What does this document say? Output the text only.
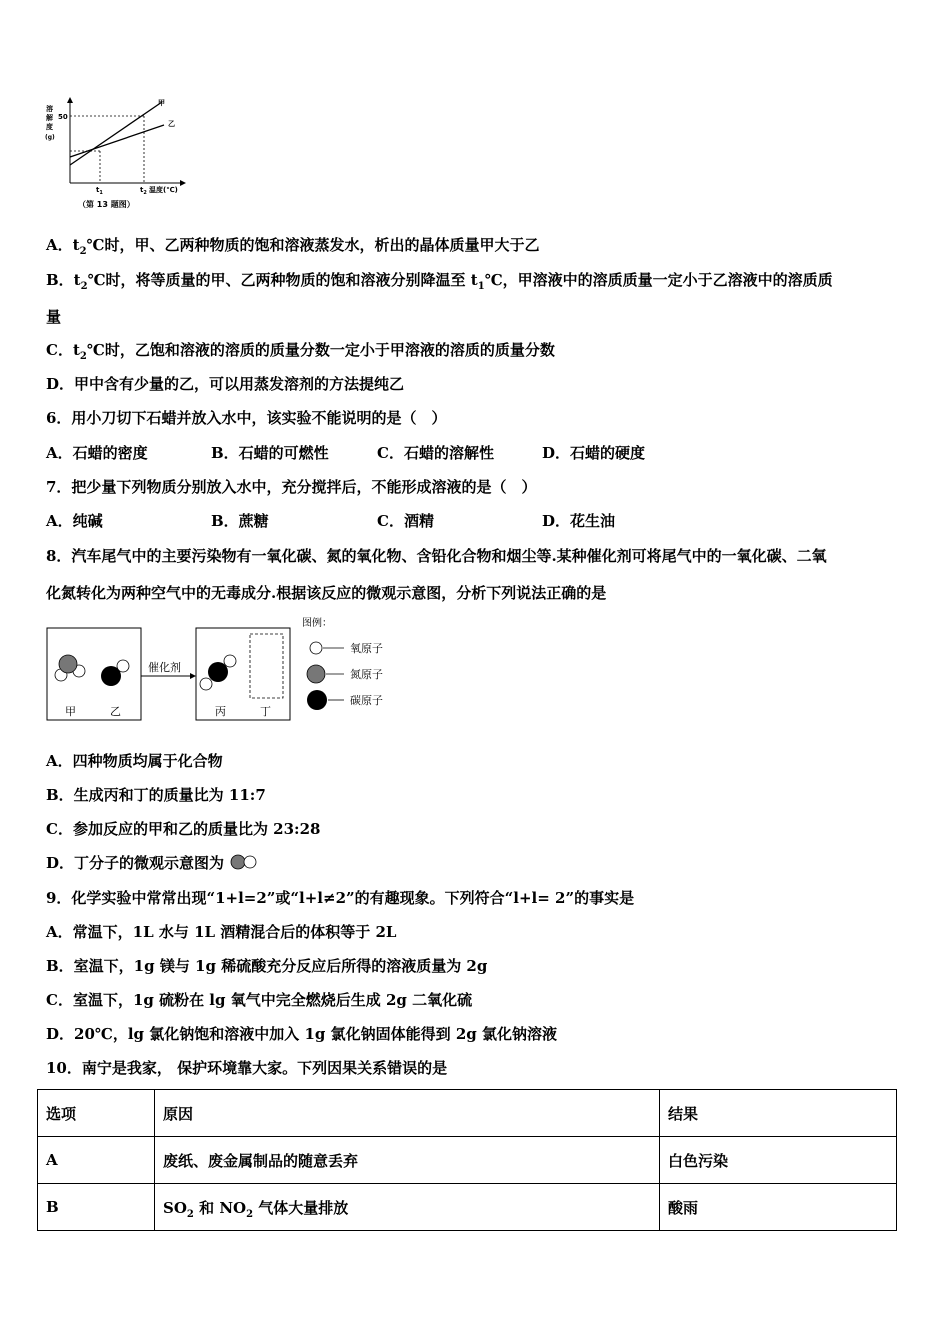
溶
解
度
(g)
50
甲
乙
$t_1$	$t_2$ 温度(℃)
（第 13 题图）
A．$t_2℃$时，甲、乙两种物质的饱和溶液蒸发水，析出的晶体质量甲大于乙
B．$t_2℃$时，将等质量的甲、乙两种物质的饱和溶液分别降温至 $t_1℃$，甲溶液中的溶质质量一定小于乙溶液中的溶质质
量
C．$t_2℃$时，乙饱和溶液的溶质的质量分数一定小于甲溶液的溶质的质量分数
D．甲中含有少量的乙，可以用蒸发溶剂的方法提纯乙
6．用小刀切下石蜡并放入水中，该实验不能说明的是（　）
A．石蜡的密度	B．石蜡的可燃性	C．石蜡的溶解性	D．石蜡的硬度
7．把少量下列物质分别放入水中，充分搅拌后，不能形成溶液的是（　）
A．纯碱	B．蔗糖	C．酒精	D．花生油
8．汽车尾气中的主要污染物有一氧化碳、氮的氧化物、含铅化合物和烟尘等.某种催化剂可将尾气中的一氧化碳、二氧
化氮转化为两种空气中的无毒成分.根据该反应的微观示意图，分析下列说法正确的是
甲	乙
催化剂
丙	丁
图例：
氧原子
氮原子
碳原子
A．四种物质均属于化合物
B．生成丙和丁的质量比为 11:7
C．参加反应的甲和乙的质量比为 23:28
D．丁分子的微观示意图为
9．化学实验中常常出现“1+l=2”或“l+l≠2”的有趣现象。下列符合“l+l= 2”的事实是
A．常温下，1L 水与 1L 酒精混合后的体积等于 2L
B．室温下，1g 镁与 1g 稀硫酸充分反应后所得的溶液质量为 2g
C．室温下，1g 硫粉在 lg 氧气中完全燃烧后生成 2g 二氧化硫
D．20℃，lg 氯化钠饱和溶液中加入 1g 氯化钠固体能得到 2g 氯化钠溶液
10．南宁是我家， 保护环境靠大家。下列因果关系错误的是
选项	原因	结果
A	废纸、废金属制品的随意丢弃	白色污染
B	$SO_2$ 和 $NO_2$ 气体大量排放	酸雨
